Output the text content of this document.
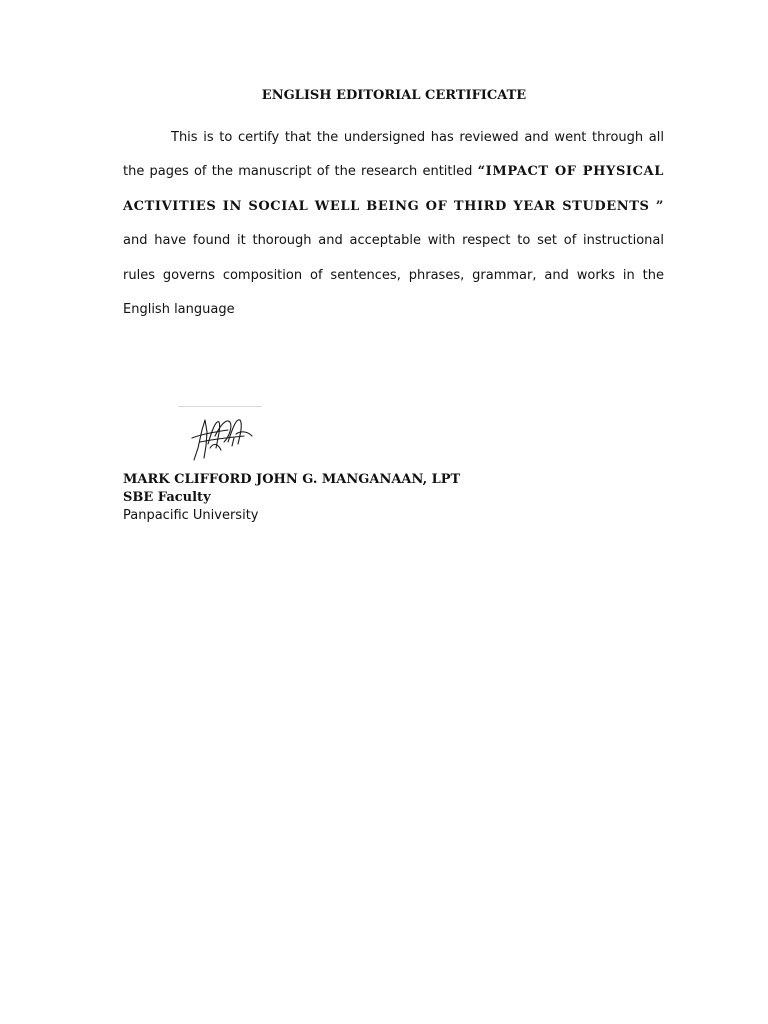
ENGLISH EDITORIAL CERTIFICATE

This is to certify that the undersigned has reviewed and went through all the pages of the manuscript of the research entitled “IMPACT OF PHYSICAL ACTIVITIES IN SOCIAL WELL BEING OF THIRD YEAR STUDENTS ” and have found it thorough and acceptable with respect to set of instructional rules governs composition of sentences, phrases, grammar, and works in the English language

MARK CLIFFORD JOHN G. MANGANAAN, LPT
SBE Faculty
Panpacific University
